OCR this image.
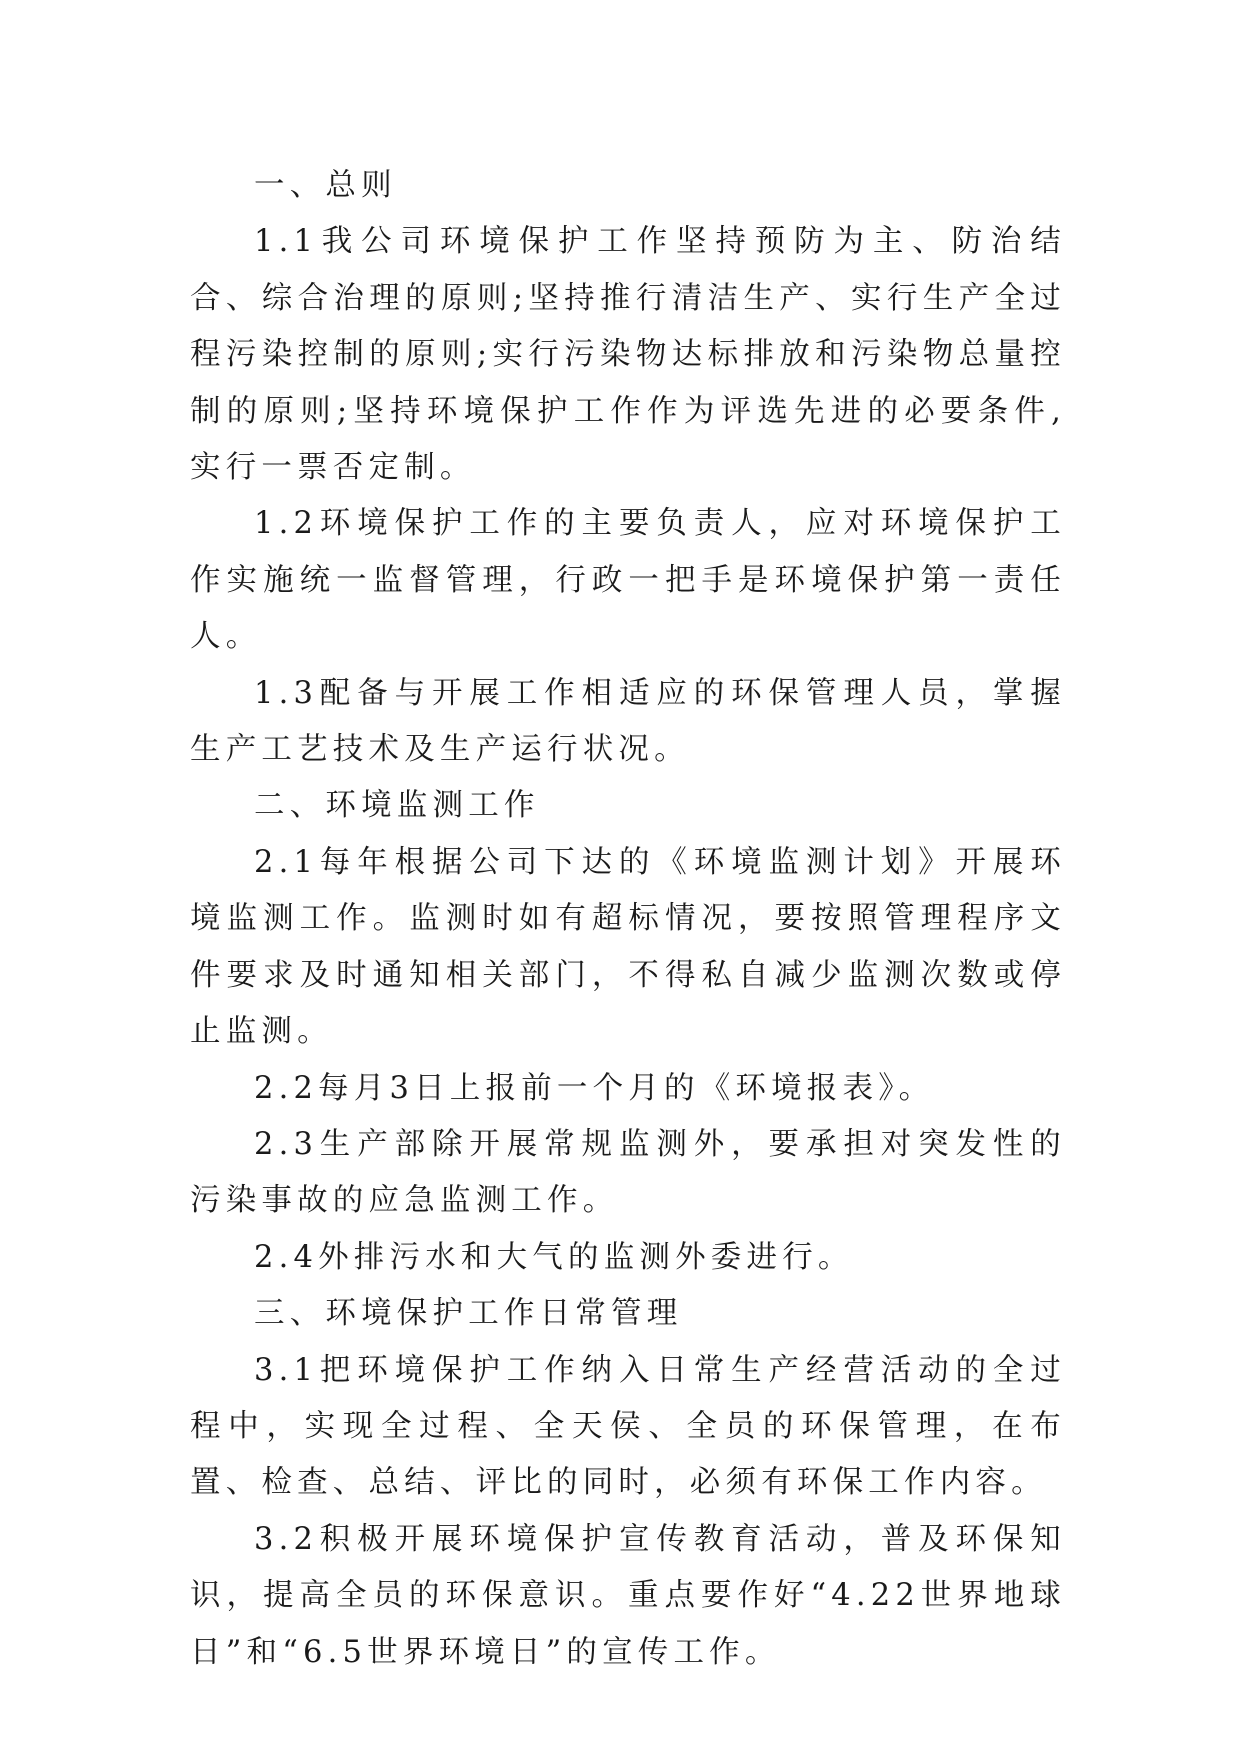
一、总则

1.1我公司环境保护工作坚持预防为主、防治结合、综合治理的原则;坚持推行清洁生产、实行生产全过程污染控制的原则;实行污染物达标排放和污染物总量控制的原则;坚持环境保护工作作为评选先进的必要条件,实行一票否定制。

1.2环境保护工作的主要负责人，应对环境保护工作实施统一监督管理，行政一把手是环境保护第一责任人。

1.3配备与开展工作相适应的环保管理人员，掌握生产工艺技术及生产运行状况。

二、环境监测工作

2.1每年根据公司下达的《环境监测计划》开展环境监测工作。监测时如有超标情况，要按照管理程序文件要求及时通知相关部门，不得私自减少监测次数或停止监测。

2.2每月3日上报前一个月的《环境报表》。

2.3生产部除开展常规监测外，要承担对突发性的污染事故的应急监测工作。

2.4外排污水和大气的监测外委进行。

三、环境保护工作日常管理

3.1把环境保护工作纳入日常生产经营活动的全过程中，实现全过程、全天侯、全员的环保管理，在布置、检查、总结、评比的同时，必须有环保工作内容。

3.2积极开展环境保护宣传教育活动，普及环保知识，提高全员的环保意识。重点要作好“4.22世界地球日”和“6.5世界环境日”的宣传工作。
